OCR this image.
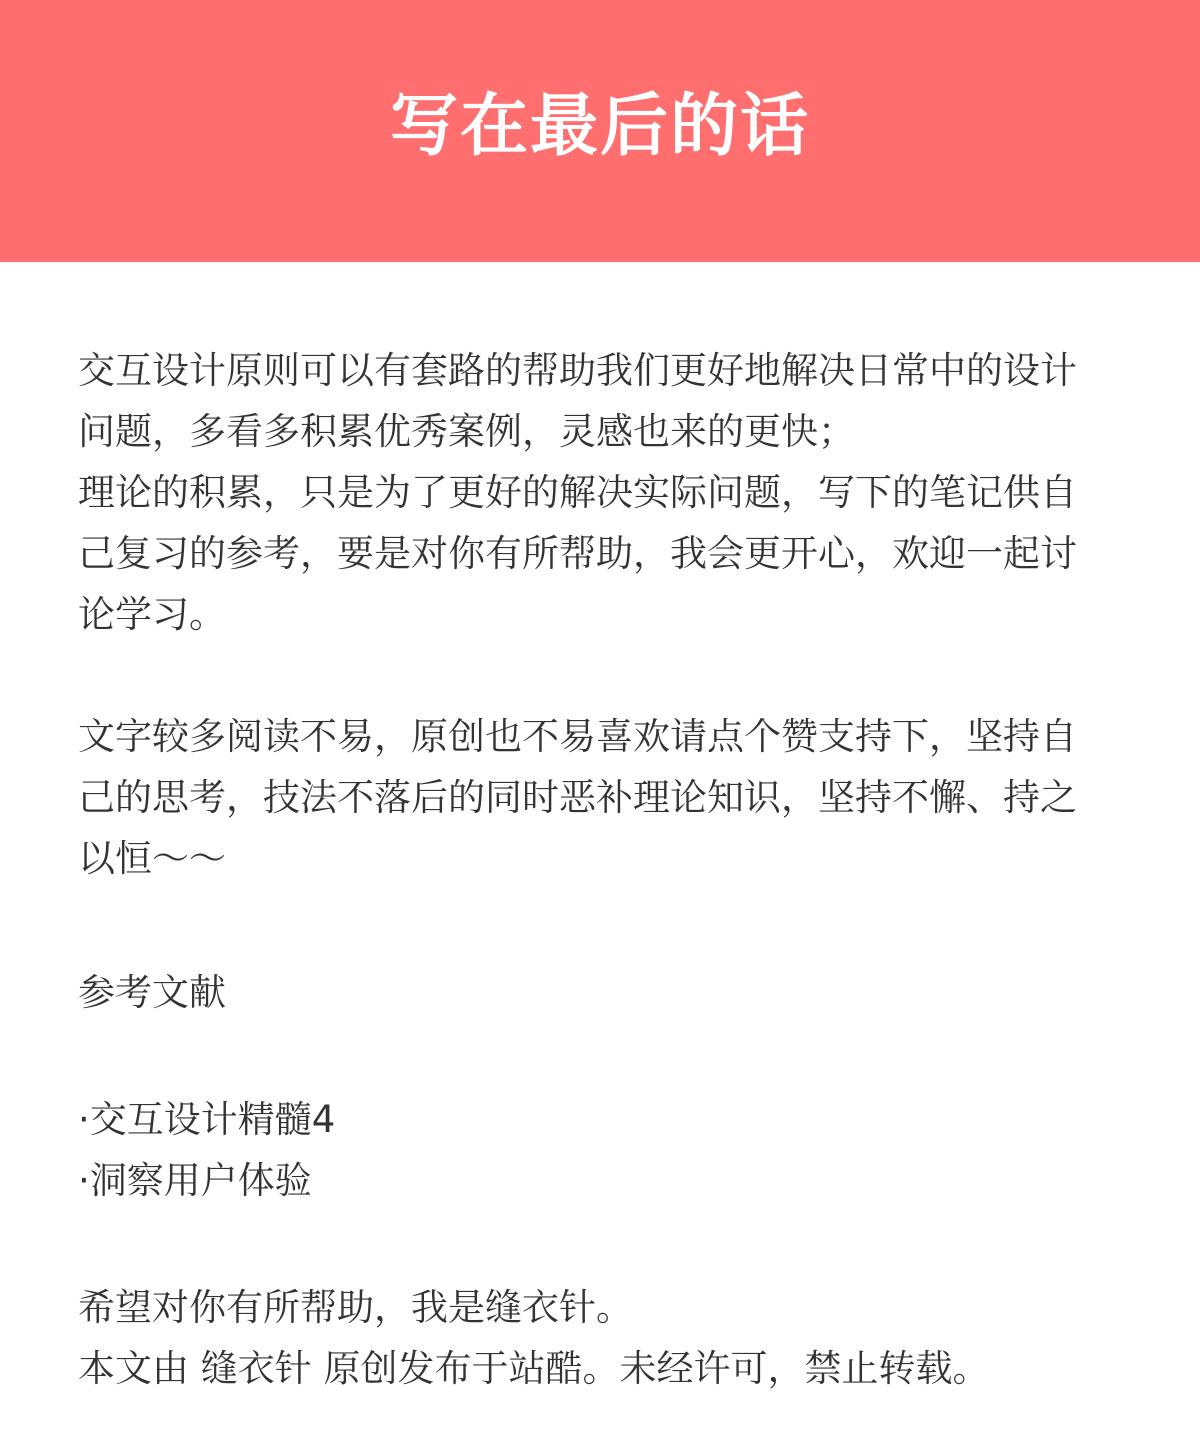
写在最后的话
交互设计原则可以有套路的帮助我们更好地解决日常中的设计
问题，多看多积累优秀案例，灵感也来的更快；
理论的积累，只是为了更好的解决实际问题，写下的笔记供自
己复习的参考，要是对你有所帮助，我会更开心，欢迎一起讨
论学习。
文字较多阅读不易，原创也不易喜欢请点个赞支持下，坚持自
己的思考，技法不落后的同时恶补理论知识，坚持不懈、持之
以恒～～
参考文献
·交互设计精髓4
·洞察用户体验
希望对你有所帮助，我是缝衣针。
本文由 缝衣针 原创发布于站酷。未经许可，禁止转载。
